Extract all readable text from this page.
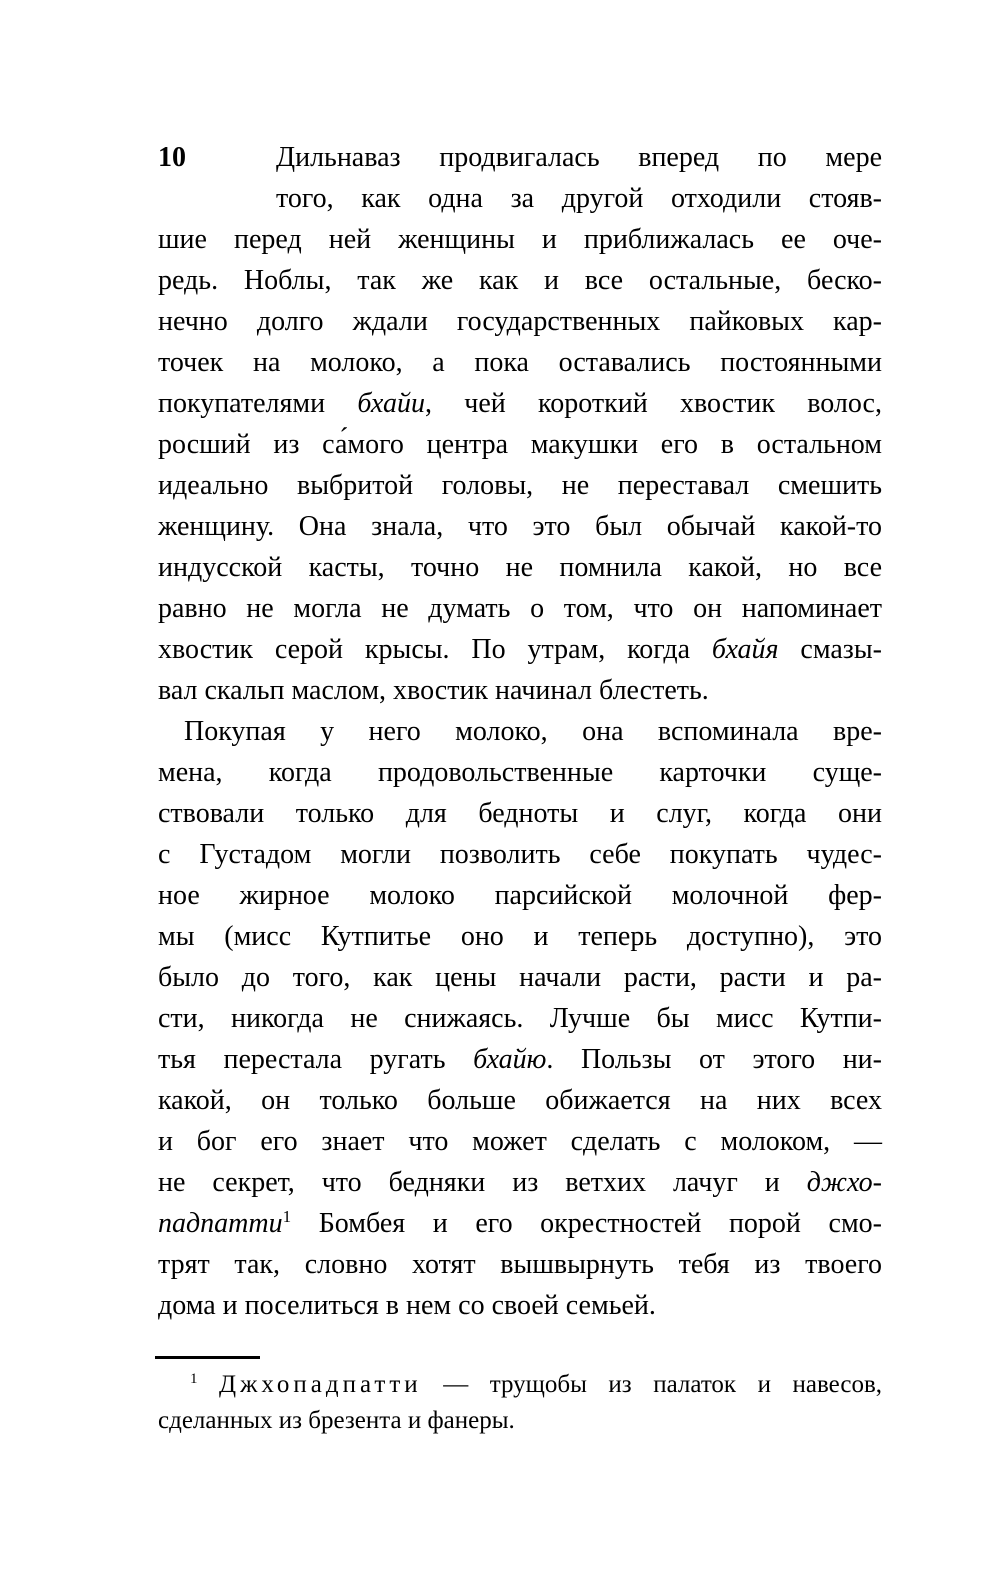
10	Дильнаваз продвигалась вперед по мере
того, как одна за другой отходили стояв-
шие перед ней женщины и приближалась ее оче-
редь. Ноблы, так же как и все остальные, беско-
нечно долго ждали государственных пайковых кар-
точек на молоко, а пока оставались постоянными
покупателями бхайи, чей короткий хвостик волос,
росший из са́мого центра макушки его в остальном
идеально выбритой головы, не переставал смешить
женщину. Она знала, что это был обычай какой-то
индусской касты, точно не помнила какой, но все
равно не могла не думать о том, что он напоминает
хвостик серой крысы. По утрам, когда бхайя смазы-
вал скальп маслом, хвостик начинал блестеть.
Покупая у него молоко, она вспоминала вре-
мена, когда продовольственные карточки суще-
ствовали только для бедноты и слуг, когда они
с Густадом могли позволить себе покупать чудес-
ное жирное молоко парсийской молочной фер-
мы (мисс Кутпитье оно и теперь доступно), это
было до того, как цены начали расти, расти и ра-
сти, никогда не снижаясь. Лучше бы мисс Кутпи-
тья перестала ругать бхайю. Пользы от этого ни-
какой, он только больше обижается на них всех
и бог его знает что может сделать с молоком, —
не секрет, что бедняки из ветхих лачуг и джхо-
падпатти$^1$ Бомбея и его окрестностей порой смо-
трят так, словно хотят вышвырнуть тебя из твоего
дома и поселиться в нем со своей семьей.
$^1$ Джхопадпатти — трущобы из палаток и навесов,
сделанных из брезента и фанеры.
